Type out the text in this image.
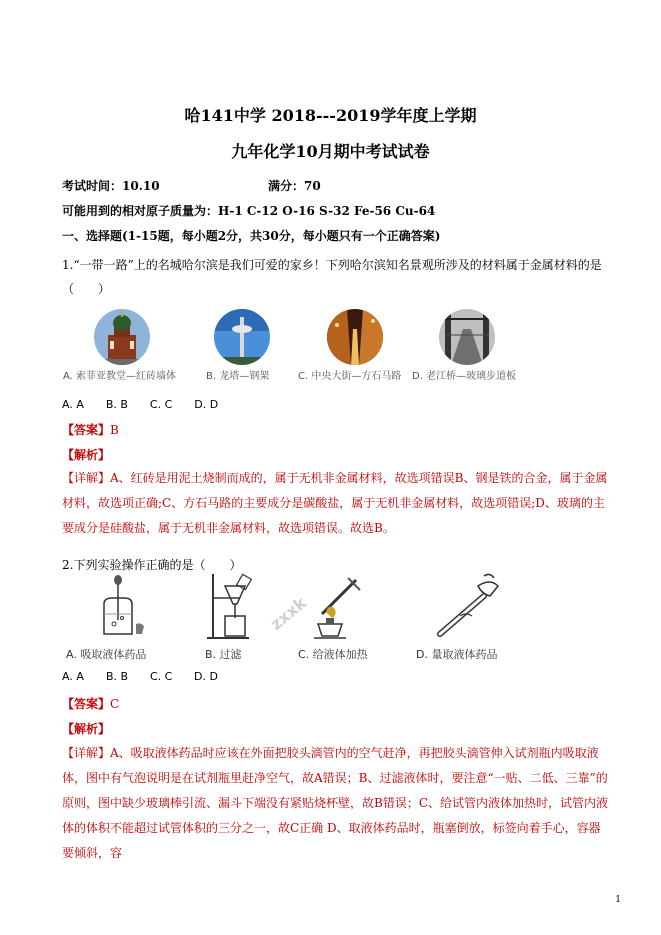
哈141中学 2018---2019学年度上学期
九年化学10月期中考试试卷
考试时间：10.10	满分：70
可能用到的相对原子质量为：H-1 C-12 O-16 S-32 Fe-56 Cu-64
一、选择题(1-15题，每小题2分，共30分，每小题只有一个正确答案)
1.“一带一路”上的名城哈尔滨是我们可爱的家乡！下列哈尔滨知名景观所涉及的材料属于金属材料的是
（　　）
A. 索菲亚教堂—红砖墙体	B. 龙塔—钢架	C. 中央大街—方石马路 D. 老江桥—玻璃步道板
A. A　　B. B　　C. C　　D. D
【答案】B
【解析】
【详解】A、红砖是用泥土烧制而成的，属于无机非金属材料，故选项错误B、钢是铁的合金，属于金属材料，故选项正确;C、方石马路的主要成分是碳酸盐，属于无机非金属材料，故选项错误;D、玻璃的主要成分是硅酸盐，属于无机非金属材料，故选项错误。故选B。
2.下列实验操作正确的是（　　）
A. 吸取液体药品	B. 过滤
zxxk
C. 给液体加热	D. 量取液体药品
A. A B. B C. C D. D
【答案】C
【解析】
【详解】A、吸取液体药品时应该在外面把胶头滴管内的空气赶净，再把胶头滴管伸入试剂瓶内吸取液体，图中有气泡说明是在试剂瓶里赶净空气，故A错误；B、过滤液体时，要注意“一贴、二低、三靠”的原则，图中缺少玻璃棒引流、漏斗下端没有紧贴烧杯壁，故B错误；C、给试管内液体加热时，试管内液体的体积不能超过试管体积的三分之一，故C正确 D、取液体药品时，瓶塞倒放，标签向着手心，容器要倾斜，容
1
